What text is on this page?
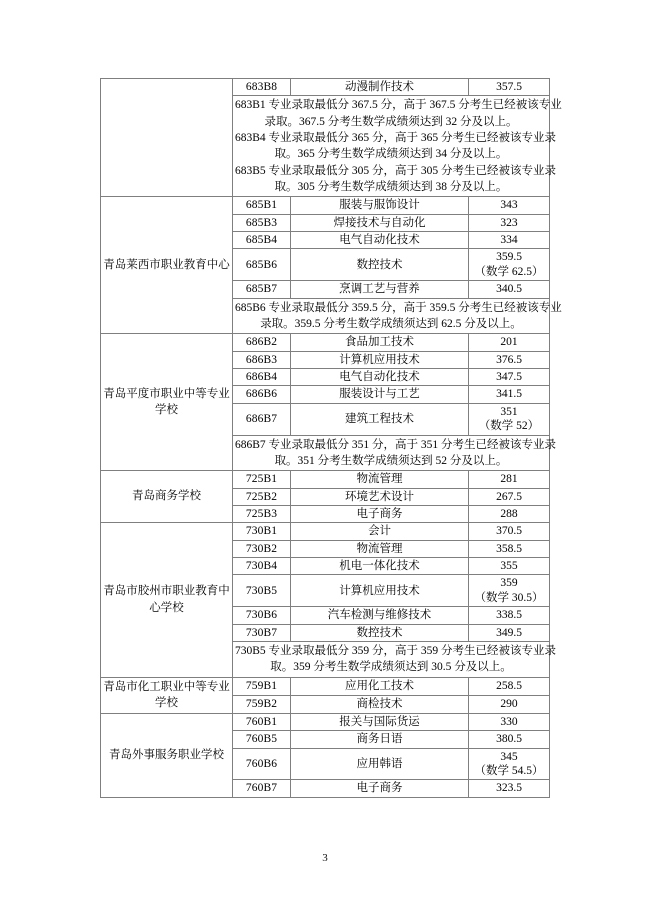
	683B8	动漫制作技术	357.5

683B1 专业录取最低分 367.5 分，高于 367.5 分考生已经被该专业
录取。367.5 分考生数学成绩须达到 32 分及以上。
683B4 专业录取最低分 365 分，高于 365 分考生已经被该专业录
取。365 分考生数学成绩须达到 34 分及以上。
683B5 专业录取最低分 305 分，高于 305 分考生已经被该专业录
取。305 分考生数学成绩须达到 38 分及以上。

青岛莱西市职业教育中心	685B1	服装与服饰设计	343

	685B3	焊接技术与自动化	323

	685B4	电气自动化技术	334

	685B6	数控技术	359.5
（数学 62.5）

	685B7	烹调工艺与营养	340.5

	685B6 专业录取最低分 359.5 分，高于 359.5 分考生已经被该专业
录取。359.5 分考生数学成绩须达到 62.5 分及以上。		

青岛平度市职业中等专业学校	686B2	食品加工技术	201

	686B3	计算机应用技术	376.5

	686B4	电气自动化技术	347.5

	686B6	服装设计与工艺	341.5

	686B7	建筑工程技术	351
（数学 52）

	686B7 专业录取最低分 351 分，高于 351 分考生已经被该专业录
取。351 分考生数学成绩须达到 52 分及以上。		

青岛商务学校	725B1	物流管理	281

	725B2	环境艺术设计	267.5

	725B3	电子商务	288

青岛市胶州市职业教育中心学校	730B1	会计	370.5

	730B2	物流管理	358.5

	730B4	机电一体化技术	355

	730B5	计算机应用技术	359
（数学 30.5）

	730B6	汽车检测与维修技术	338.5

	730B7	数控技术	349.5

	730B5 专业录取最低分 359 分，高于 359 分考生已经被该专业录
取。359 分考生数学成绩须达到 30.5 分及以上。		

青岛市化工职业中等专业学校	759B1	应用化工技术	258.5

	759B2	商检技术	290

青岛外事服务职业学校	760B1	报关与国际货运	330

	760B5	商务日语	380.5

	760B6	应用韩语	345
（数学 54.5）

	760B7	电子商务	323.5
3
